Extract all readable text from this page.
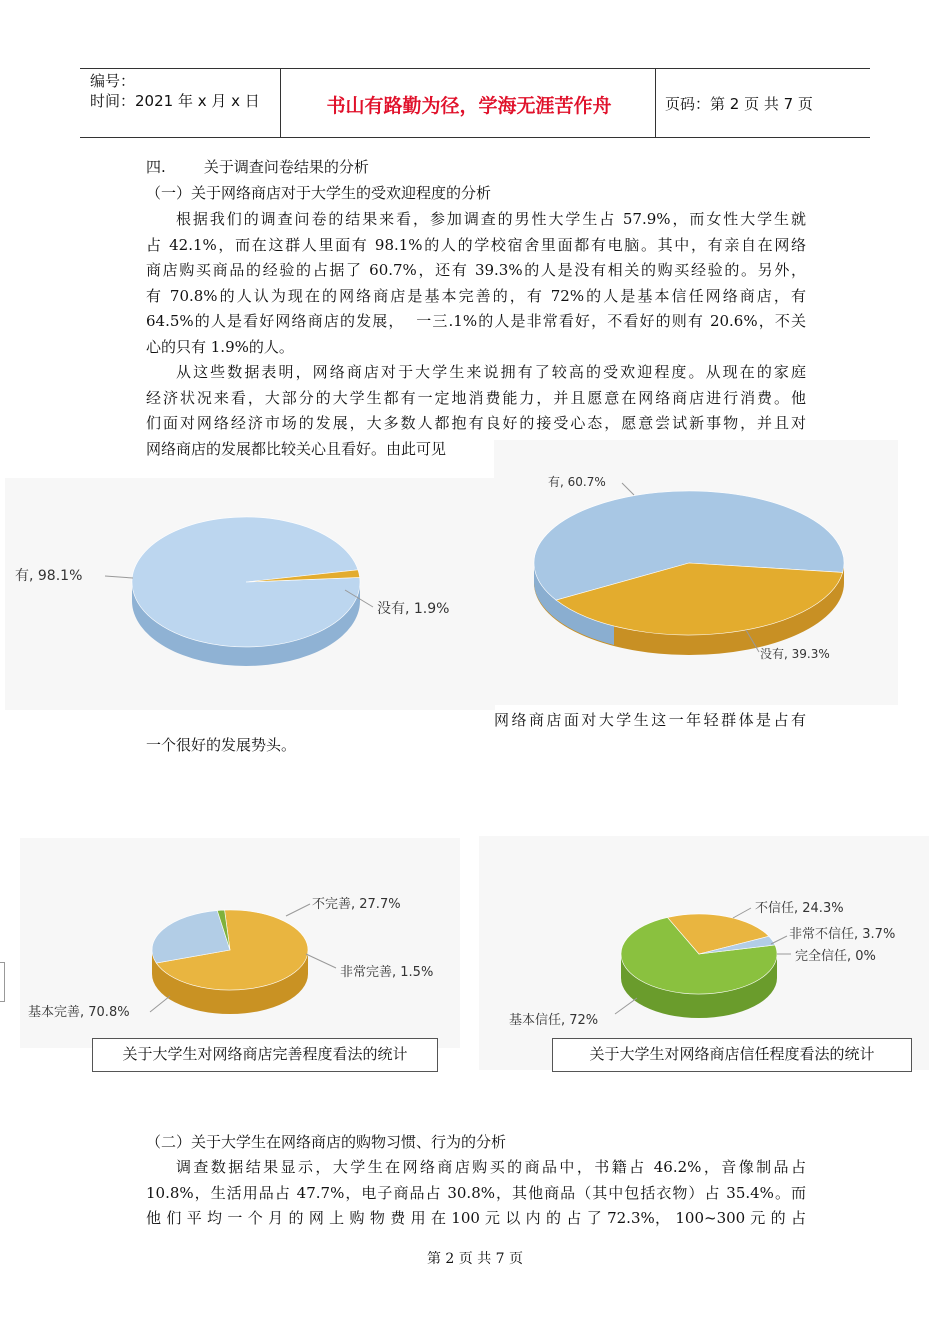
编号：
时间：2021 年 x 月 x 日	书山有路勤为径，学海无涯苦作舟	页码：第 2 页 共 7 页
四.        关于调查问卷结果的分析
（一）关于网络商店对于大学生的受欢迎程度的分析
根据我们的调查问卷的结果来看，参加调查的男性大学生占 57.9%，而女性大学生就
占 42.1%，而在这群人里面有 98.1%的人的学校宿舍里面都有电脑。其中，有亲自在网络
商店购买商品的经验的占据了 60.7%，还有 39.3%的人是没有相关的购买经验的。另外，
有 70.8%的人认为现在的网络商店是基本完善的，有 72%的人是基本信任网络商店，有
64.5%的人是看好网络商店的发展，  一三.1%的人是非常看好，不看好的则有 20.6%，不关
心的只有 1.9%的人。
从这些数据表明，网络商店对于大学生来说拥有了较高的受欢迎程度。从现在的家庭
经济状况来看，大部分的大学生都有一定地消费能力，并且愿意在网络商店进行消费。他
们面对网络经济市场的发展，大多数人都抱有良好的接受心态，愿意尝试新事物，并且对
网络商店的发展都比较关心且看好。由此可见
有, 98.1%
没有, 1.9%
有, 60.7%
没有, 39.3%
网络商店面对大学生这一年轻群体是占有
一个很好的发展势头。
不完善, 27.7%
非常完善, 1.5%
基本完善, 70.8%
关于大学生对网络商店完善程度看法的统计
不信任, 24.3%
非常不信任, 3.7%
完全信任, 0%
基本信任, 72%
关于大学生对网络商店信任程度看法的统计
（二）关于大学生在网络商店的购物习惯、行为的分析
调查数据结果显示，大学生在网络商店购买的商品中，书籍占 46.2%，音像制品占
10.8%，生活用品占 47.7%，电子商品占 30.8%，其他商品（其中包括衣物）占 35.4%。而
他 们 平 均 一 个 月 的 网 上 购 物 费 用 在 100 元 以 内 的 占 了 72.3%， 100~300 元 的 占
第 2 页 共 7 页
